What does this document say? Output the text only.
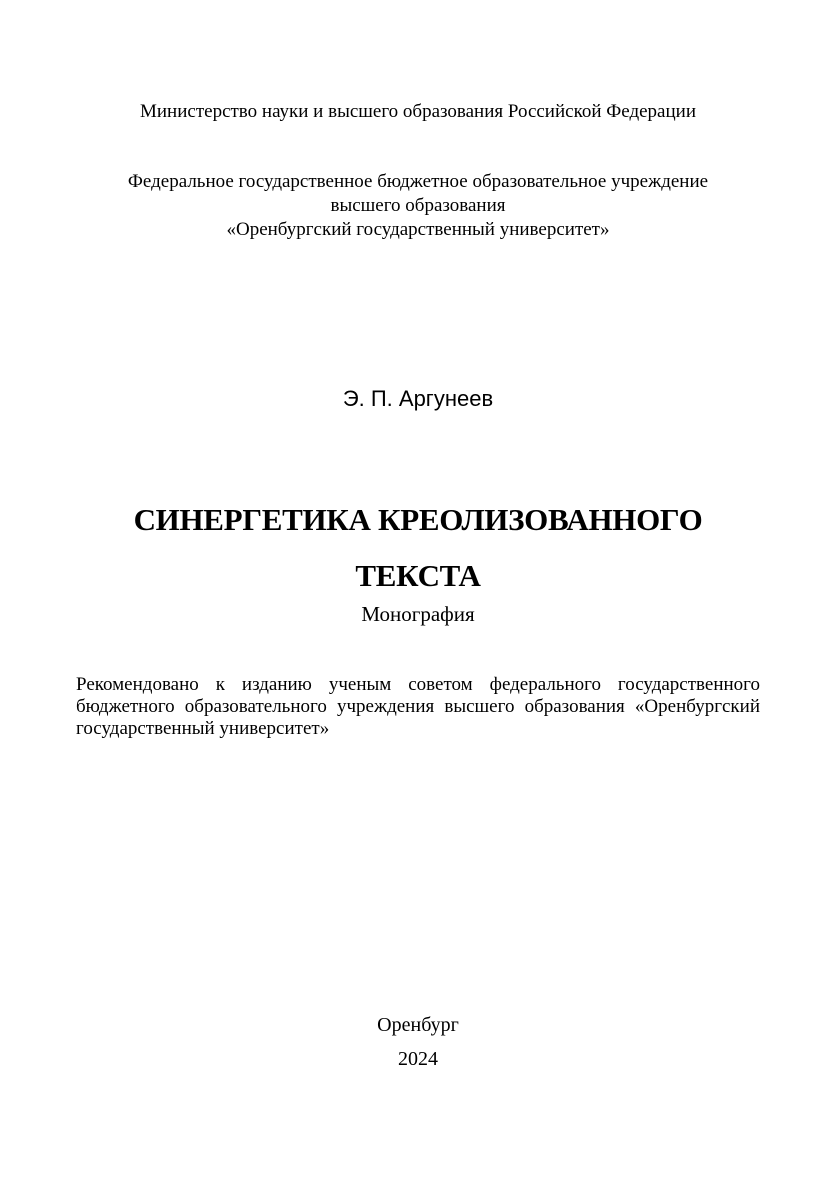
Министерство науки и высшего образования Российской Федерации
Федеральное государственное бюджетное образовательное учреждение
высшего образования
«Оренбургский государственный университет»
Э. П. Аргунеев
СИНЕРГЕТИКА КРЕОЛИЗОВАННОГО
ТЕКСТА
Монография
Рекомендовано к изданию ученым советом федерального государственного бюджетного образовательного учреждения высшего образования «Оренбургский государственный университет»
Оренбург
2024
